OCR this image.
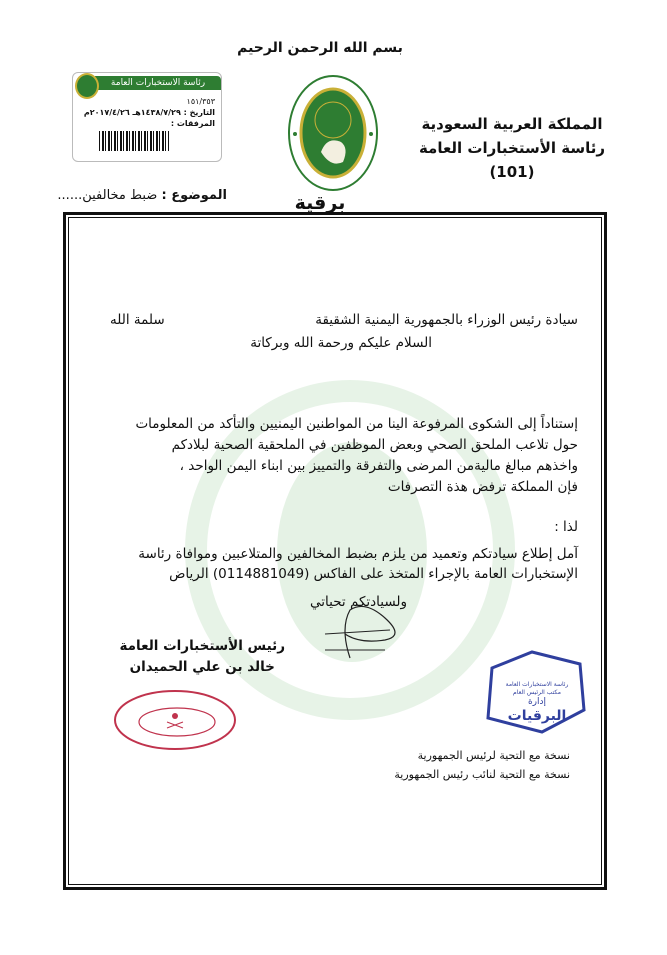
بسم الله الرحمن الرحيم
المملكة العربية السعودية
رئاسة الأستخبارات العامة
(101)
برقية
رئاسة الاستخبارات العامة
١٥١/٣٥٣
التاريخ : ١٤٣٨/٧/٢٩هـ ٢٠١٧/٤/٢٦م
المرفقات :
الموضوع : ضبط مخالفين......
سيادة رئيس الوزراء بالجمهورية اليمنية الشقيقة
سلمة الله
السلام عليكم ورحمة الله وبركاتة
إستناداً إلى الشكوى المرفوعة الينا من المواطنين اليمنيين والتأكد من المعلومات
حول تلاعب الملحق الصحي وبعض الموظفين في الملحقية الصحية لبلادكم
واخذهم مبالغ ماليةمن المرضى والتفرقة والتمييز بين ابناء اليمن الواحد ،
فإن المملكة ترفض هذة التصرفات
لذا :
آمل إطلاع سيادتكم وتعميد من يلزم بضبط المخالفين والمتلاعبين وموافاة رئاسة
الإستخبارات العامة بالإجراء المتخذ على الفاكس (0114881049) الرياض
ولسيادتكم تحياتي
رئيس الأستخبارات العامة
خالد بن علي الحميدان
رئاسة الاستخبارات العامة
مكتب الرئيس العام
إدارة
البرقيات
نسخة مع التحية لرئيس الجمهورية
نسخة مع التحية لنائب رئيس الجمهورية
